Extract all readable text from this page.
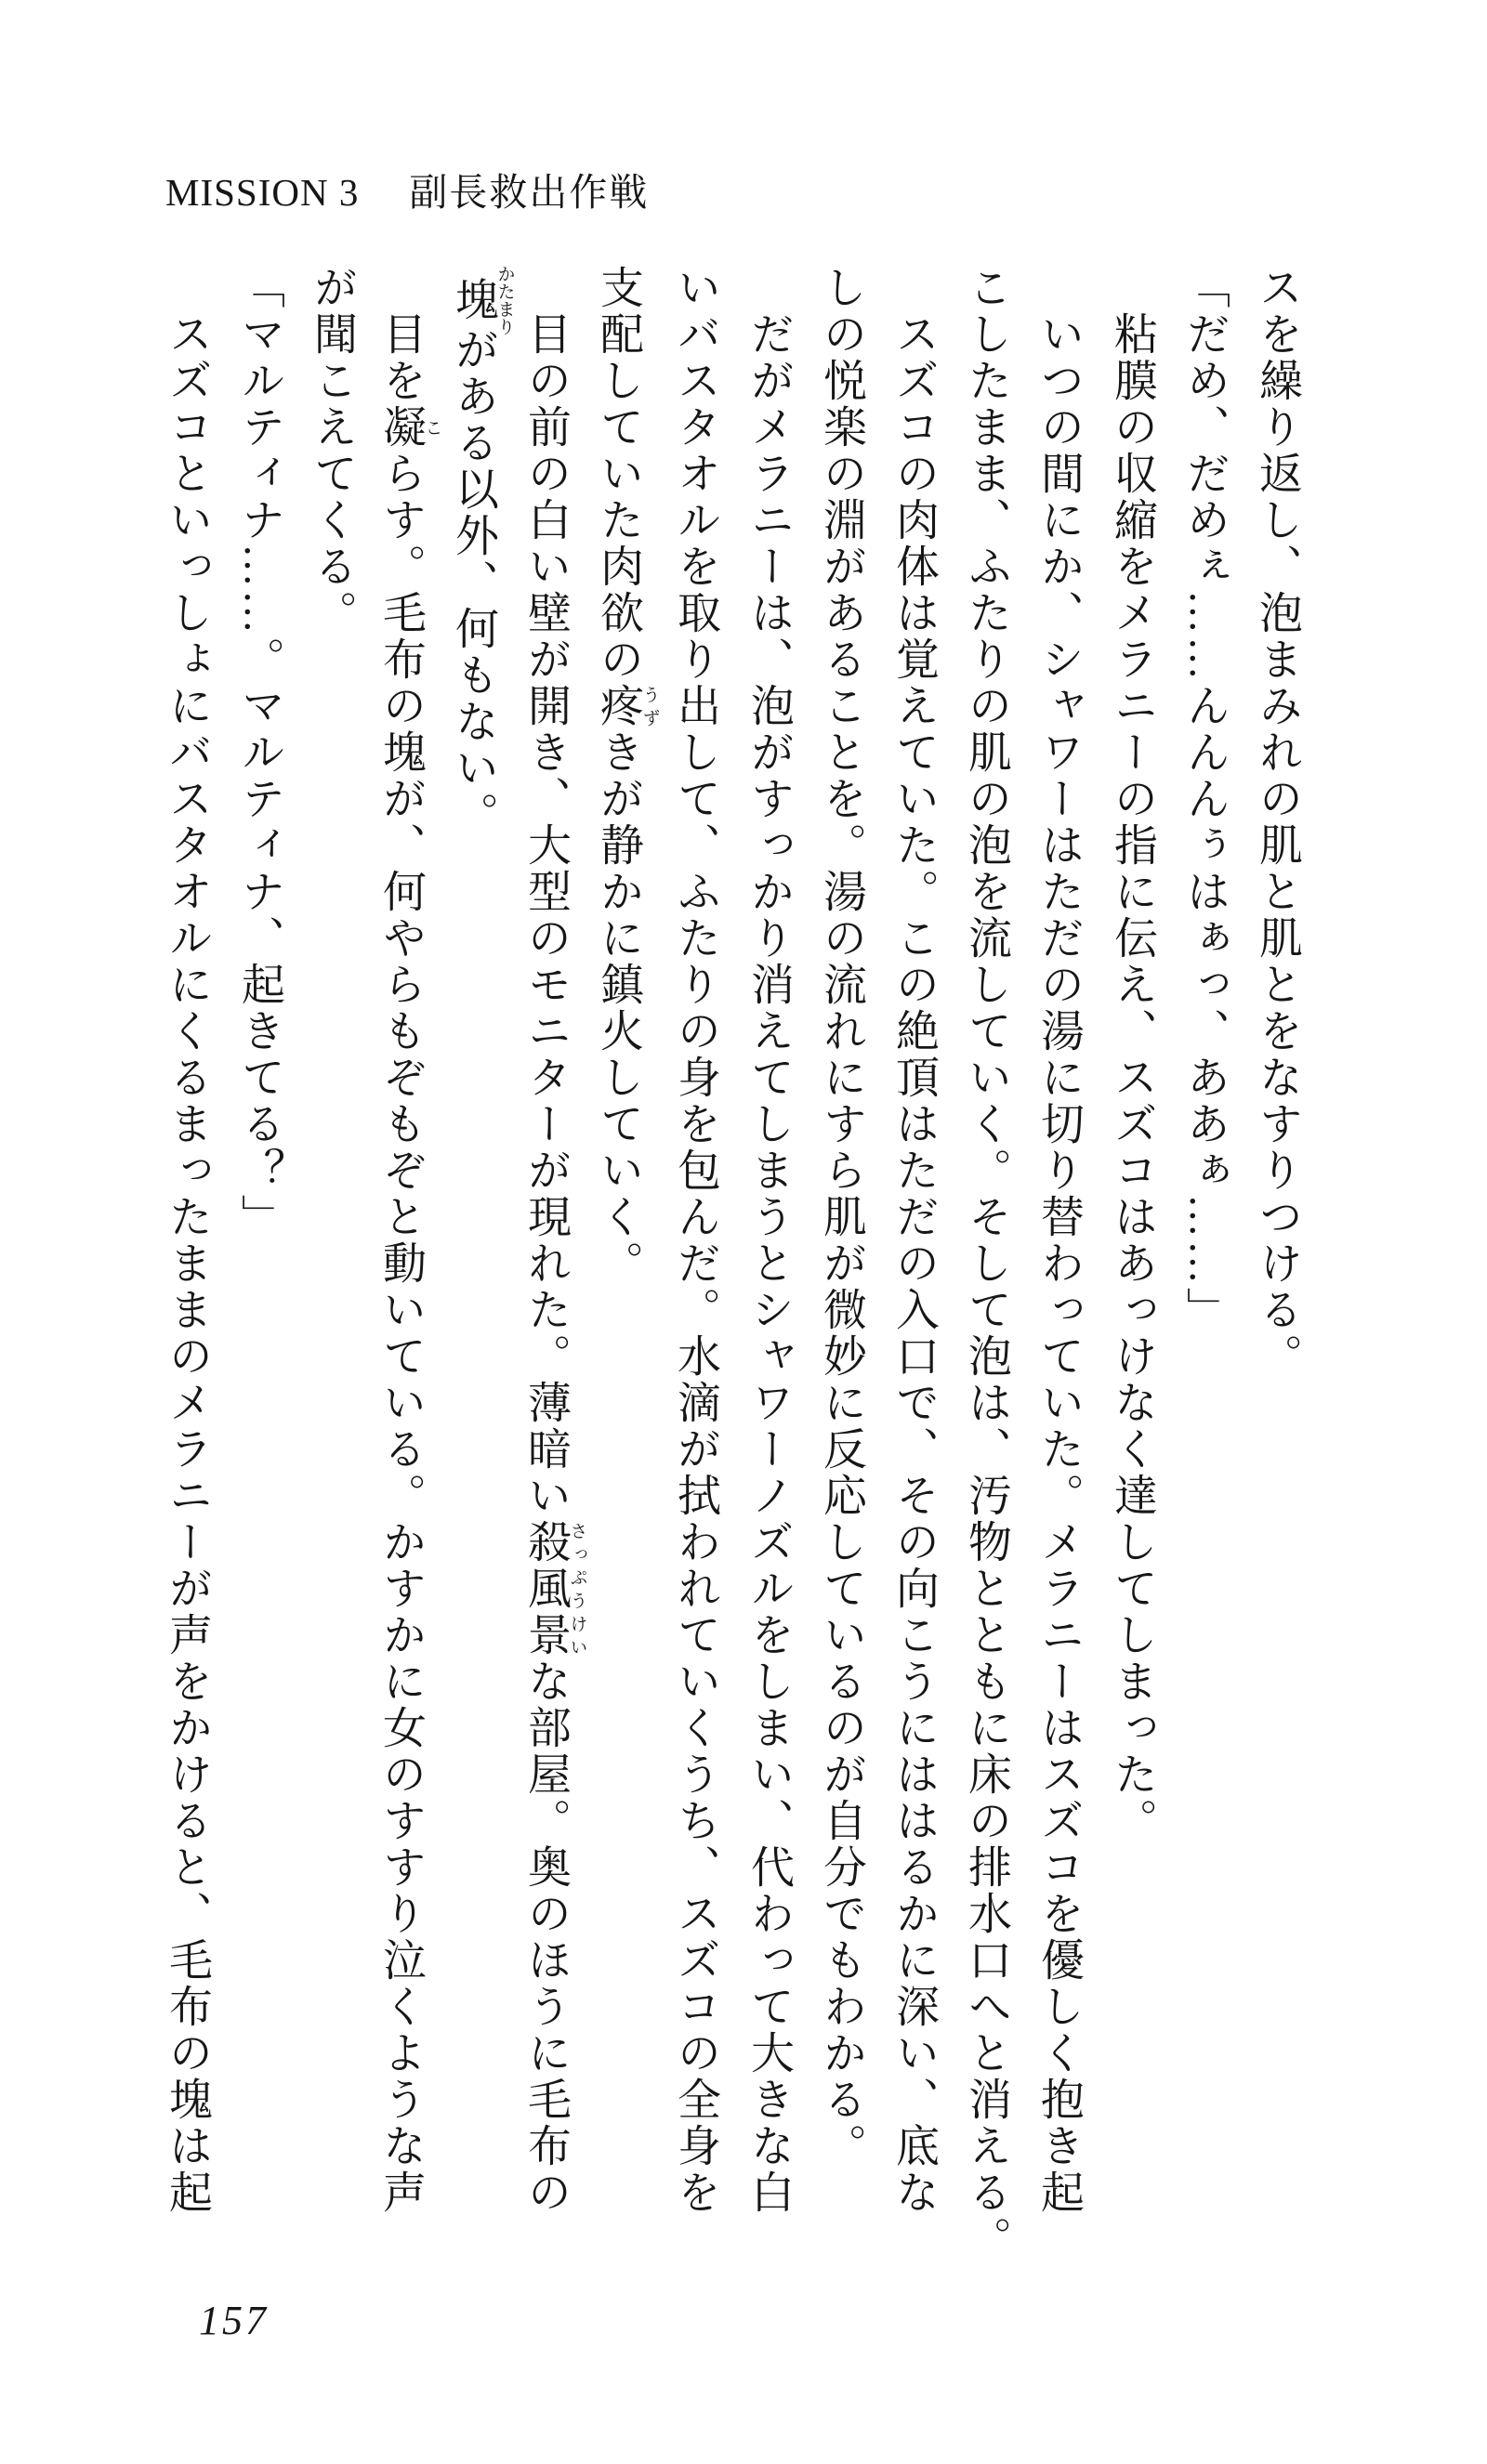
MISSION 3 副長救出作戦
スを繰り返し、泡まみれの肌と肌とをなすりつける。
「だめ、だめぇ……んんんぅはぁっ、ああぁ……」
粘膜の収縮をメラニーの指に伝え、スズコはあっけなく達してしまった。
いつの間にか、シャワーはただの湯に切り替わっていた。メラニーはスズコを優しく抱き起
こしたまま、ふたりの肌の泡を流していく。そして泡は、汚物とともに床の排水口へと消える。
スズコの肉体は覚えていた。この絶頂はただの入口で、その向こうにははるかに深い、底な
しの悦楽の淵があることを。湯の流れにすら肌が微妙に反応しているのが自分でもわかる。
だがメラニーは、泡がすっかり消えてしまうとシャワーノズルをしまい、代わって大きな白
いバスタオルを取り出して、ふたりの身を包んだ。水滴が拭われていくうち、スズコの全身を
支配していた肉欲の疼うずきが静かに鎮火していく。
目の前の白い壁が開き、大型のモニターが現れた。薄暗い殺風景さっぷうけいな部屋。奥のほうに毛布の
塊かたまりがある以外、何もない。
目を凝こらす。毛布の塊が、何やらもぞもぞと動いている。かすかに女のすすり泣くような声
が聞こえてくる。
「マルティナ……。マルティナ、起きてる？」
スズコといっしょにバスタオルにくるまったままのメラニーが声をかけると、毛布の塊は起
157
